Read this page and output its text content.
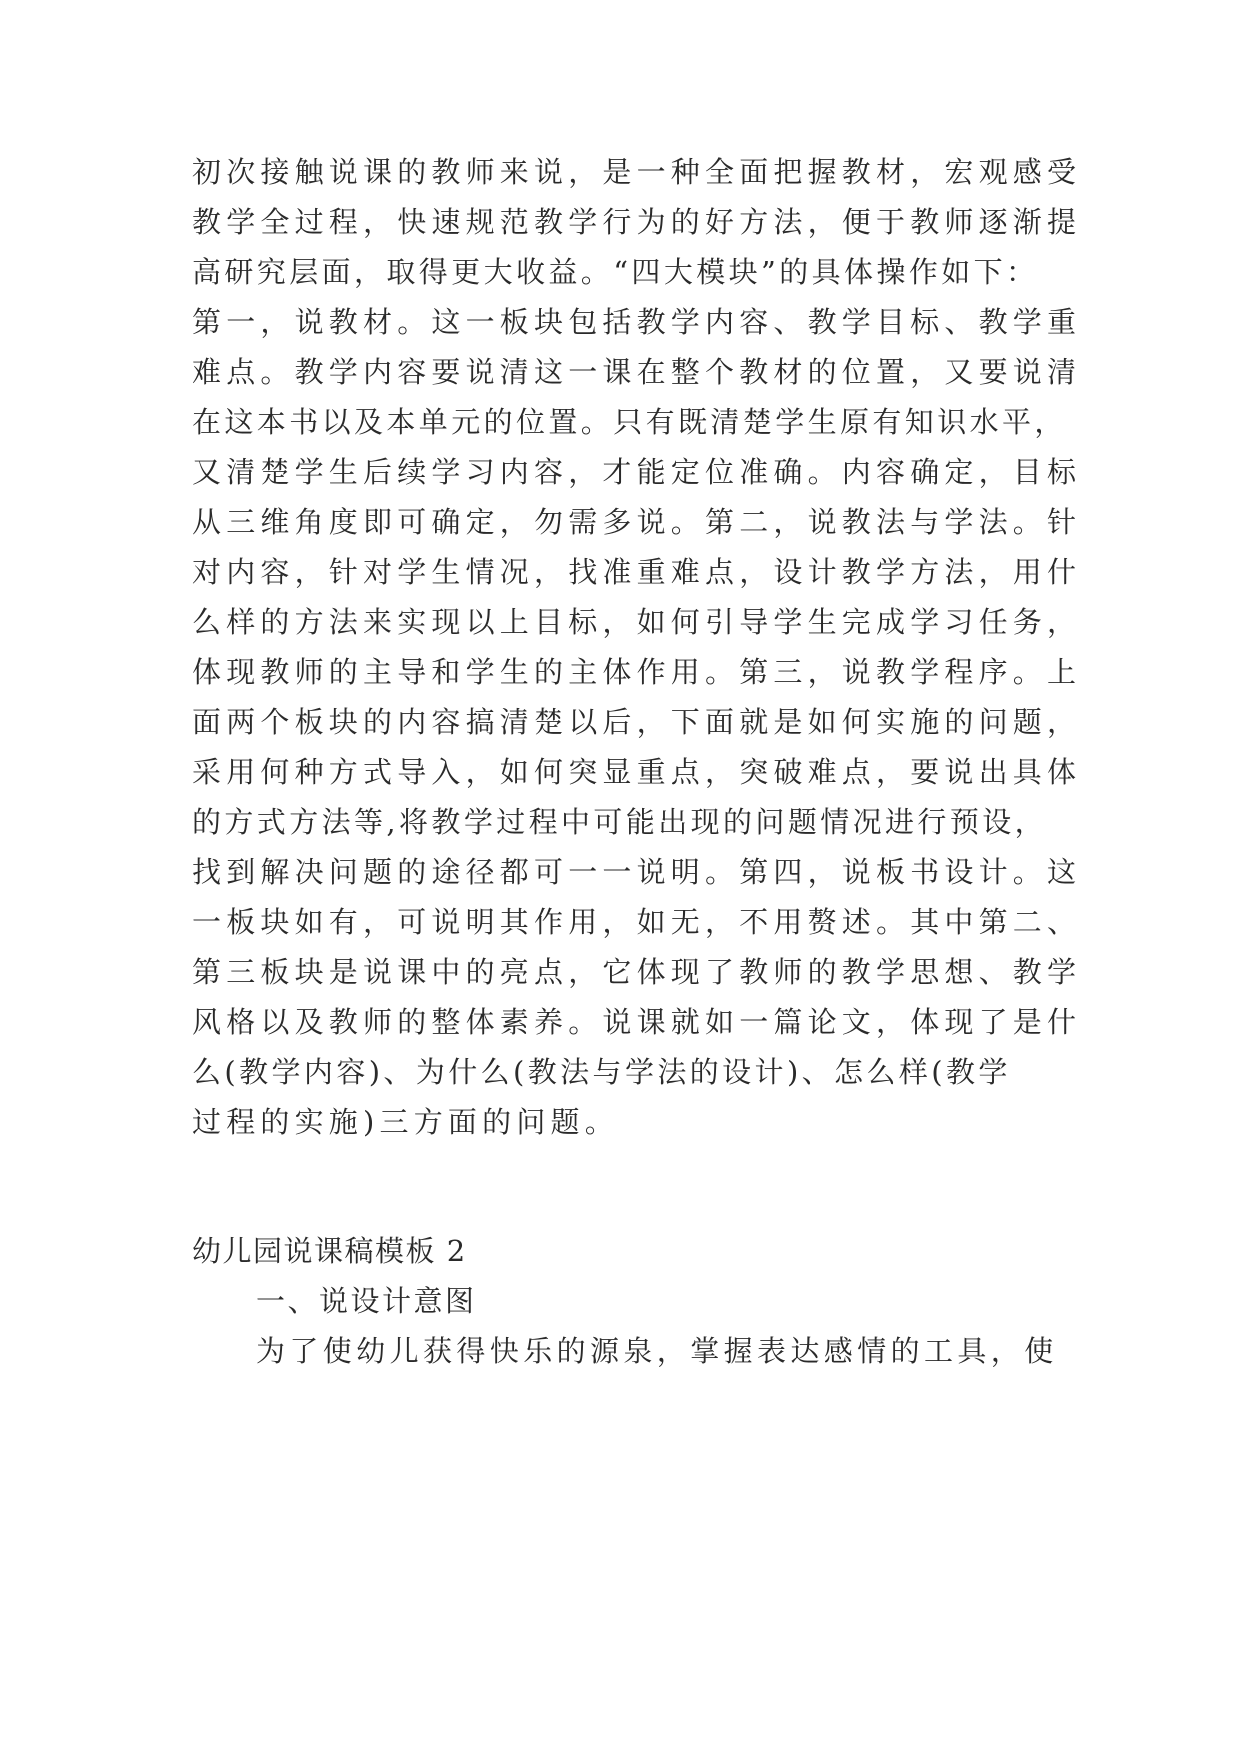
初次接触说课的教师来说，是一种全面把握教材，宏观感受
教学全过程，快速规范教学行为的好方法，便于教师逐渐提
高研究层面，取得更大收益。“四大模块”的具体操作如下：
第一，说教材。这一板块包括教学内容、教学目标、教学重
难点。教学内容要说清这一课在整个教材的位置，又要说清
在这本书以及本单元的位置。只有既清楚学生原有知识水平，
又清楚学生后续学习内容，才能定位准确。内容确定，目标
从三维角度即可确定，勿需多说。第二，说教法与学法。针
对内容，针对学生情况，找准重难点，设计教学方法，用什
么样的方法来实现以上目标，如何引导学生完成学习任务，
体现教师的主导和学生的主体作用。第三，说教学程序。上
面两个板块的内容搞清楚以后，下面就是如何实施的问题，
采用何种方式导入，如何突显重点，突破难点，要说出具体
的方式方法等,将教学过程中可能出现的问题情况进行预设，
找到解决问题的途径都可一一说明。第四，说板书设计。这
一板块如有，可说明其作用，如无，不用赘述。其中第二、
第三板块是说课中的亮点，它体现了教师的教学思想、教学
风格以及教师的整体素养。说课就如一篇论文，体现了是什
么(教学内容)、为什么(教法与学法的设计)、怎么样(教学
过程的实施)三方面的问题。
幼儿园说课稿模板 2
一、说设计意图
为了使幼儿获得快乐的源泉，掌握表达感情的工具，使
